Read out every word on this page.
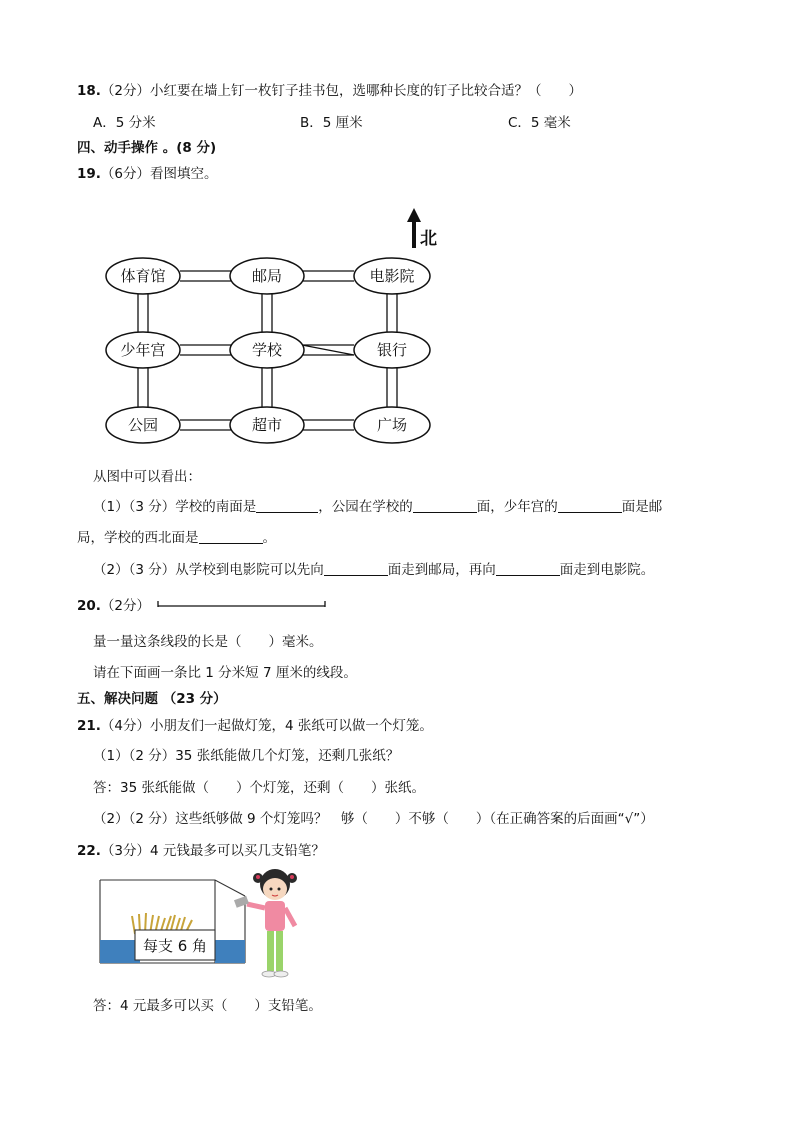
18.（2分）小红要在墙上钉一枚钉子挂书包，选哪种长度的钉子比较合适？（　　）
A．5 分米	B．5 厘米	C．5 毫米
四、动手操作 。(8 分)
19.（6分）看图填空。
体育馆	邮局	电影院
少年宫	学校	银行
公园	超市	广场
北
从图中可以看出：
（1）（3 分）学校的南面是	，公园在学校的	面，少年宫的	面是邮
局，学校的西北面是	。
（2）（3 分）从学校到电影院可以先向	面走到邮局，再向	面走到电影院。
20.（2分）
量一量这条线段的长是（　　）毫米。
请在下面画一条比 1 分米短 7 厘米的线段。
五、解决问题 （23 分）
21.（4分）小朋友们一起做灯笼，4 张纸可以做一个灯笼。
（1）（2 分）35 张纸能做几个灯笼，还剩几张纸？
答：35 张纸能做（　　）个灯笼，还剩（　　）张纸。
（2）（2 分）这些纸够做 9 个灯笼吗？　够（　　）不够（　　）（在正确答案的后面画“√”）
22.（3分）4 元钱最多可以买几支铅笔？
每支 6 角
答：4 元最多可以买（　　）支铅笔。
